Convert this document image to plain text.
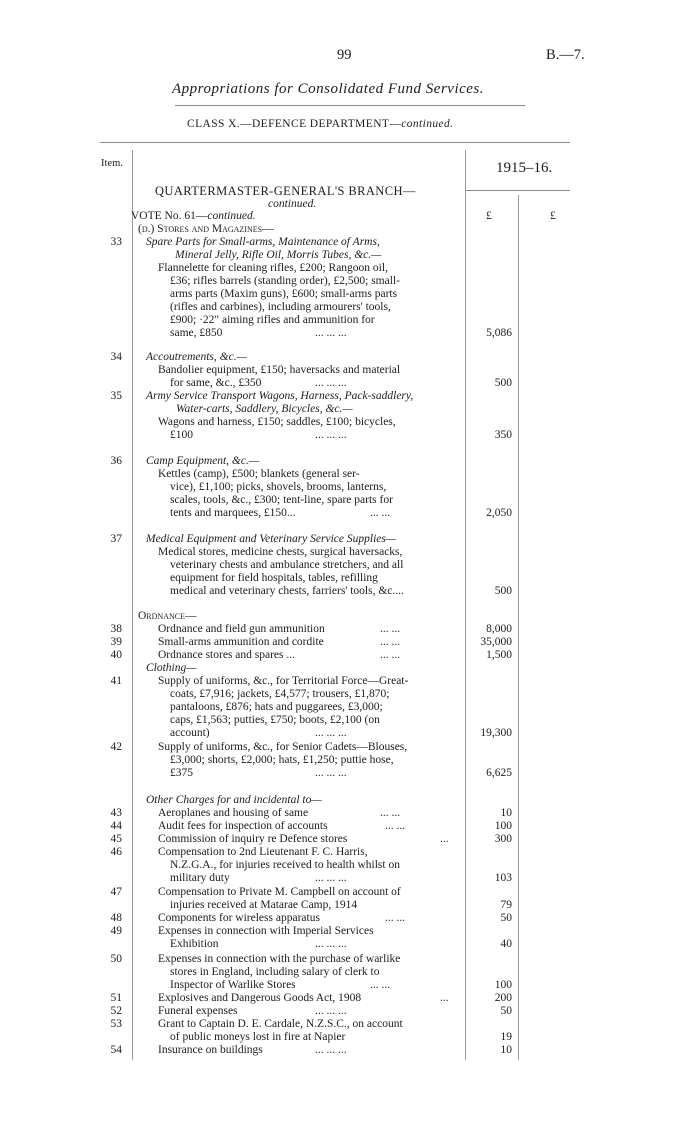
99	B.—7.
Appropriations for Consolidated Fund Services.
CLASS X.—DEFENCE DEPARTMENT—continued.
Item.	1915–16.
QUARTERMASTER-GENERAL'S BRANCH—
continued.
VOTE No. 61—continued.	£	£
(d.) Stores and Magazines—
33 Spare Parts for Small-arms, Maintenance of Arms,
Mineral Jelly, Rifle Oil, Morris Tubes, &c.—
Flannelette for cleaning rifles, £200; Rangoon oil,
£36; rifles barrels (standing order), £2,500; small-
arms parts (Maxim guns), £600; small-arms parts
(rifles and carbines), including armourers' tools,
£900; ·22" aiming rifles and ammunition for
same, £850	... ... ...	5,086
34 Accoutrements, &c.—
Bandolier equipment, £150; haversacks and material
for same, &c., £350	... ... ...	500
35 Army Service Transport Wagons, Harness, Pack-saddlery,
Water-carts, Saddlery, Bicycles, &c.—
Wagons and harness, £150; saddles, £100; bicycles,
£100	... ... ...	350
36 Camp Equipment, &c.—
Kettles (camp), £500; blankets (general ser-
vice), £1,100; picks, shovels, brooms, lanterns,
scales, tools, &c., £300; tent-line, spare parts for
tents and marquees, £150...	... ...	2,050
37 Medical Equipment and Veterinary Service Supplies—
Medical stores, medicine chests, surgical haversacks,
veterinary chests and ambulance stretchers, and all
equipment for field hospitals, tables, refilling
medical and veterinary chests, farriers' tools, &c....	500
Ordnance—
38	Ordnance and field gun ammunition	... ...	8,000
39	Small-arms ammunition and cordite	... ...	35,000
40	Ordnance stores and spares ...	... ...	1,500
Clothing—
41	Supply of uniforms, &c., for Territorial Force—Great-
coats, £7,916; jackets, £4,577; trousers, £1,870;
pantaloons, £876; hats and puggarees, £3,000;
caps, £1,563; putties, £750; boots, £2,100 (on
account)	... ... ...	19,300
42	Supply of uniforms, &c., for Senior Cadets—Blouses,
£3,000; shorts, £2,000; hats, £1,250; puttie hose,
£375	... ... ...	6,625
Other Charges for and incidental to—
43	Aeroplanes and housing of same	... ...	10
44	Audit fees for inspection of accounts	... ...	100
45	Commission of inquiry re Defence stores	...	300
46	Compensation to 2nd Lieutenant F. C. Harris,
N.Z.G.A., for injuries received to health whilst on
military duty	... ... ...	103
47	Compensation to Private M. Campbell on account of
injuries received at Matarae Camp, 1914	79
48	Components for wireless apparatus	... ...	50
49	Expenses in connection with Imperial Services
Exhibition	... ... ...	40
50	Expenses in connection with the purchase of warlike
stores in England, including salary of clerk to
Inspector of Warlike Stores	... ...	100
51	Explosives and Dangerous Goods Act, 1908	...	200
52	Funeral expenses	... ... ...	50
53	Grant to Captain D. E. Cardale, N.Z.S.C., on account
of public moneys lost in fire at Napier	19
54	Insurance on buildings	... ... ...	10
